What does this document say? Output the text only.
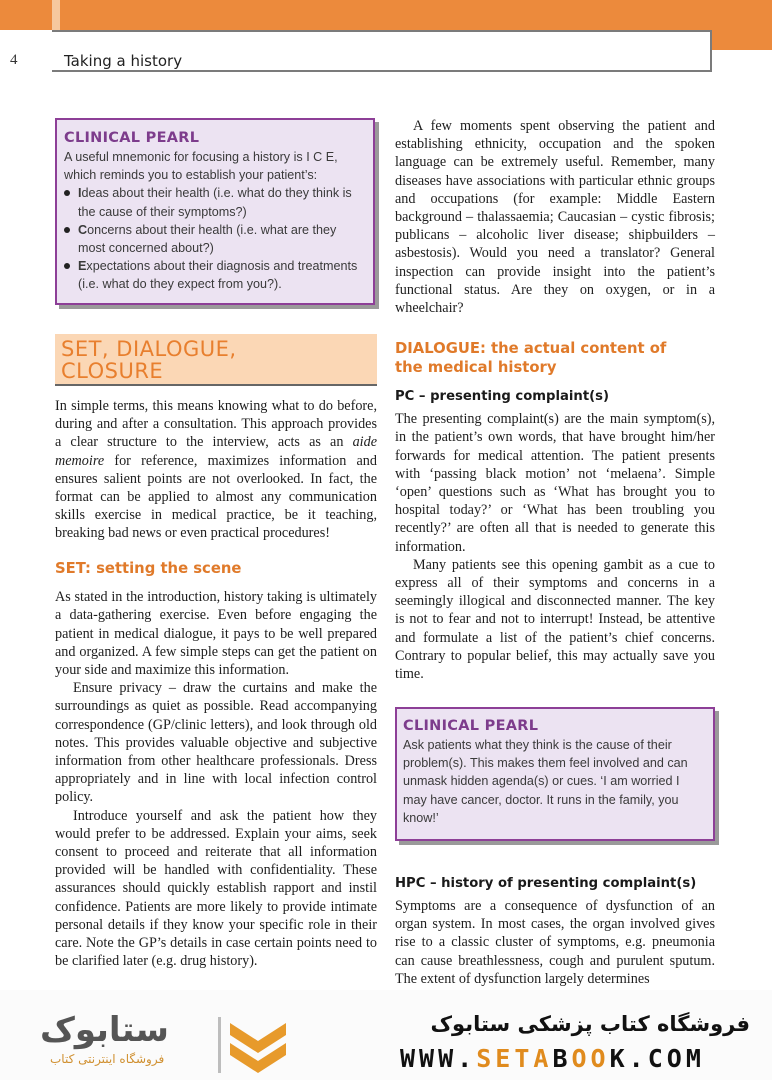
4	Taking a history

CLINICAL PEARL

A useful mnemonic for focusing a history is I C E, which reminds you to establish your patient’s:

Ideas about their health (i.e. what do they think is the cause of their symptoms?)
Concerns about their health (i.e. what are they most concerned about?)
Expectations about their diagnosis and treatments (i.e. what do they expect from you?).
SET, DIALOGUE,
CLOSURE

In simple terms, this means knowing what to do before, during and after a consultation. This approach provides a clear structure to the interview, acts as an aide memoire for reference, maximizes information and ensures salient points are not overlooked. In fact, the format can be applied to almost any communication skills exercise in medical practice, be it teaching, breaking bad news or even practical procedures!

SET: setting the scene

As stated in the introduction, history taking is ultimately a data-gathering exercise. Even before engaging the patient in medical dialogue, it pays to be well prepared and organized. A few simple steps can get the patient on your side and maximize this information.

Ensure privacy – draw the curtains and make the surroundings as quiet as possible. Read accompanying correspondence (GP/clinic letters), and look through old notes. This provides valuable objective and subjective information from other healthcare professionals. Dress appropriately and in line with local infection control policy.

Introduce yourself and ask the patient how they would prefer to be addressed. Explain your aims, seek consent to proceed and reiterate that all information provided will be handled with confidentiality. These assurances should quickly establish rapport and instil confidence. Patients are more likely to provide intimate personal details if they know your specific role in their care. Note the GP’s details in case certain points need to be clarified later (e.g. drug history).

A few moments spent observing the patient and establishing ethnicity, occupation and the spoken language can be extremely useful. Remember, many diseases have associations with particular ethnic groups and occupations (for example: Middle Eastern background – thalassaemia; Caucasian – cystic fibrosis; publicans – alcoholic liver disease; shipbuilders – asbestosis). Would you need a translator? General inspection can provide insight into the patient’s functional status. Are they on oxygen, or in a wheelchair?

DIALOGUE: the actual content of
the medical history

PC – presenting complaint(s)

The presenting complaint(s) are the main symptom(s), in the patient’s own words, that have brought him/her forwards for medical attention. The patient presents with ‘passing black motion’ not ‘melaena’. Simple ‘open’ questions such as ‘What has brought you to hospital today?’ or ‘What has been troubling you recently?’ are often all that is needed to generate this information.

Many patients see this opening gambit as a cue to express all of their symptoms and concerns in a seemingly illogical and disconnected manner. The key is not to fear and not to interrupt! Instead, be attentive and formulate a list of the patient’s chief concerns. Contrary to popular belief, this may actually save you time.

CLINICAL PEARL

Ask patients what they think is the cause of their problem(s). This makes them feel involved and can unmask hidden agenda(s) or cues. ‘I am worried I may have cancer, doctor. It runs in the family, you know!’

HPC – history of presenting complaint(s)

Symptoms are a consequence of dysfunction of an organ system. In most cases, the organ involved gives rise to a classic cluster of symptoms, e.g. pneumonia can cause breathlessness, cough and purulent sputum. The extent of dysfunction largely determines

ستابوک
فروشگاه اینترنتی کتاب
فروشگاه کتاب پزشکی ستابوک
WWW.SETABOOK.COM
